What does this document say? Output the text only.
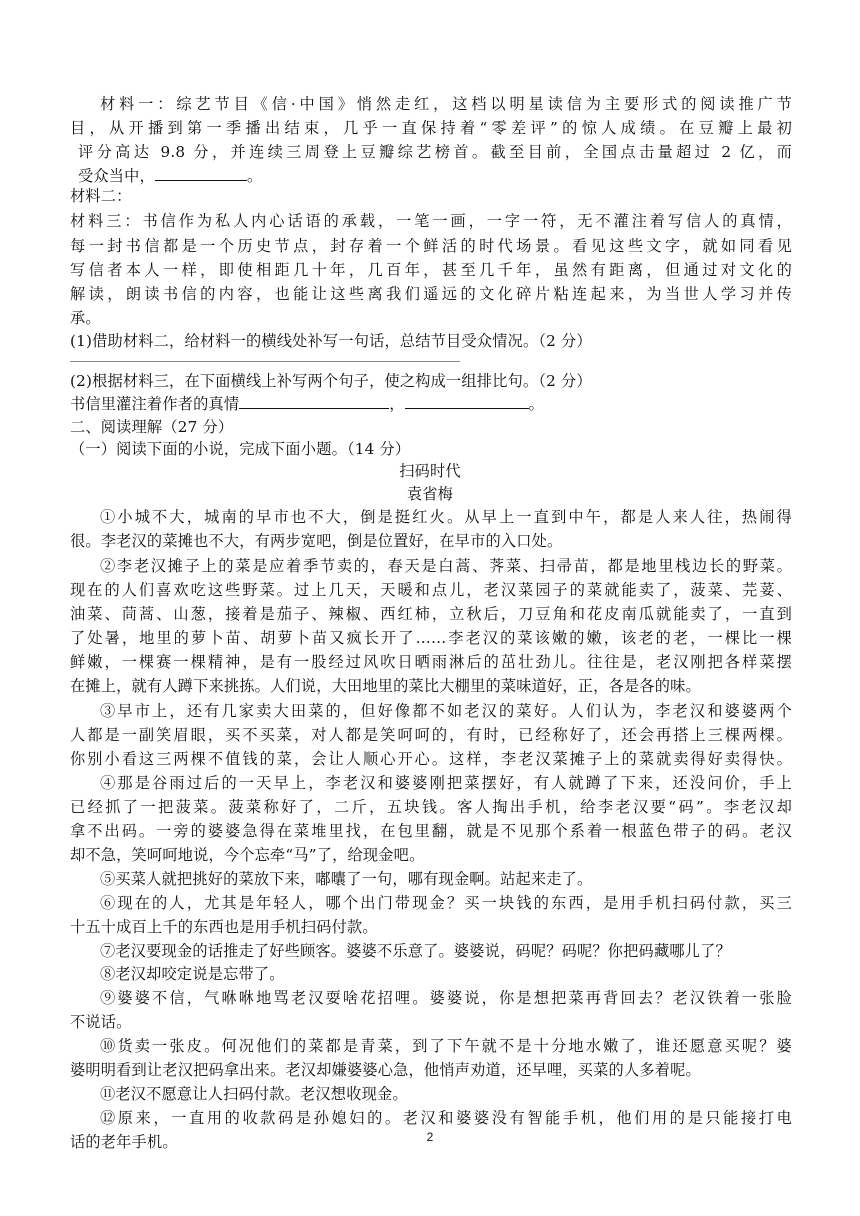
材料一：综艺节目《信·中国》悄然走红，这档以明星读信为主要形式的阅读推广节
目，从开播到第一季播出结束，几乎一直保持着“零差评”的惊人成绩。在豆瓣上最初
评分高达 9.8 分，并连续三周登上豆瓣综艺榜首。截至目前，全国点击量超过 2 亿，而
受众当中，	。
材料二：
材料三：书信作为私人内心话语的承载，一笔一画，一字一符，无不灌注着写信人的真情，
每一封书信都是一个历史节点，封存着一个鲜活的时代场景。看见这些文字，就如同看见
写信者本人一样，即使相距几十年，几百年，甚至几千年，虽然有距离，但通过对文化的
解读，朗读书信的内容，也能让这些离我们遥远的文化碎片粘连起来，为当世人学习并传
承。
(1)借助材料二，给材料一的横线处补写一句话，总结节目受众情况。（2 分）
(2)根据材料三，在下面横线上补写两个句子，使之构成一组排比句。（2 分）
书信里灌注着作者的真情	，	。
二、阅读理解（27 分）
（一）阅读下面的小说，完成下面小题。（14 分）
扫码时代
袁省梅
①小城不大，城南的早市也不大，倒是挺红火。从早上一直到中午，都是人来人往，热闹得
很。李老汉的菜摊也不大，有两步宽吧，倒是位置好，在早市的入口处。
②李老汉摊子上的菜是应着季节卖的，春天是白蒿、荠菜、扫帚苗，都是地里栈边长的野菜。
现在的人们喜欢吃这些野菜。过上几天，天暖和点儿，老汉菜园子的菜就能卖了，菠菜、芫荽、
油菜、茼蒿、山葱，接着是茄子、辣椒、西红柿，立秋后，刀豆角和花皮南瓜就能卖了，一直到
了处暑，地里的萝卜苗、胡萝卜苗又疯长开了……李老汉的菜该嫩的嫩，该老的老，一棵比一棵
鲜嫩，一棵赛一棵精神，是有一股经过风吹日晒雨淋后的茁壮劲儿。往往是，老汉刚把各样菜摆
在摊上，就有人蹲下来挑拣。人们说，大田地里的菜比大棚里的菜味道好，正，各是各的味。
③早市上，还有几家卖大田菜的，但好像都不如老汉的菜好。人们认为，李老汉和婆婆两个
人都是一副笑眉眼，买不买菜，对人都是笑呵呵的，有时，已经称好了，还会再搭上三棵两棵。
你别小看这三两棵不值钱的菜，会让人顺心开心。这样，李老汉菜摊子上的菜就卖得好卖得快。
④那是谷雨过后的一天早上，李老汉和婆婆刚把菜摆好，有人就蹲了下来，还没问价，手上
已经抓了一把菠菜。菠菜称好了，二斤，五块钱。客人掏出手机，给李老汉要“码”。李老汉却
拿不出码。一旁的婆婆急得在菜堆里找，在包里翻，就是不见那个系着一根蓝色带子的码。老汉
却不急，笑呵呵地说，今个忘牵“马”了，给现金吧。
⑤买菜人就把挑好的菜放下来，嘟囔了一句，哪有现金啊。站起来走了。
⑥现在的人，尤其是年轻人，哪个出门带现金？买一块钱的东西，是用手机扫码付款，买三
十五十成百上千的东西也是用手机扫码付款。
⑦老汉要现金的话推走了好些顾客。婆婆不乐意了。婆婆说，码呢？码呢？你把码藏哪儿了？
⑧老汉却咬定说是忘带了。
⑨婆婆不信，气咻咻地骂老汉耍啥花招哩。婆婆说，你是想把菜再背回去？老汉铁着一张脸
不说话。
⑩货卖一张皮。何况他们的菜都是青菜，到了下午就不是十分地水嫩了，谁还愿意买呢？婆
婆明明看到让老汉把码拿出来。老汉却嫌婆婆心急，他悄声劝道，还早哩，买菜的人多着呢。
⑪老汉不愿意让人扫码付款。老汉想收现金。
⑫原来，一直用的收款码是孙媳妇的。老汉和婆婆没有智能手机，他们用的是只能接打电
话的老年手机。	2
